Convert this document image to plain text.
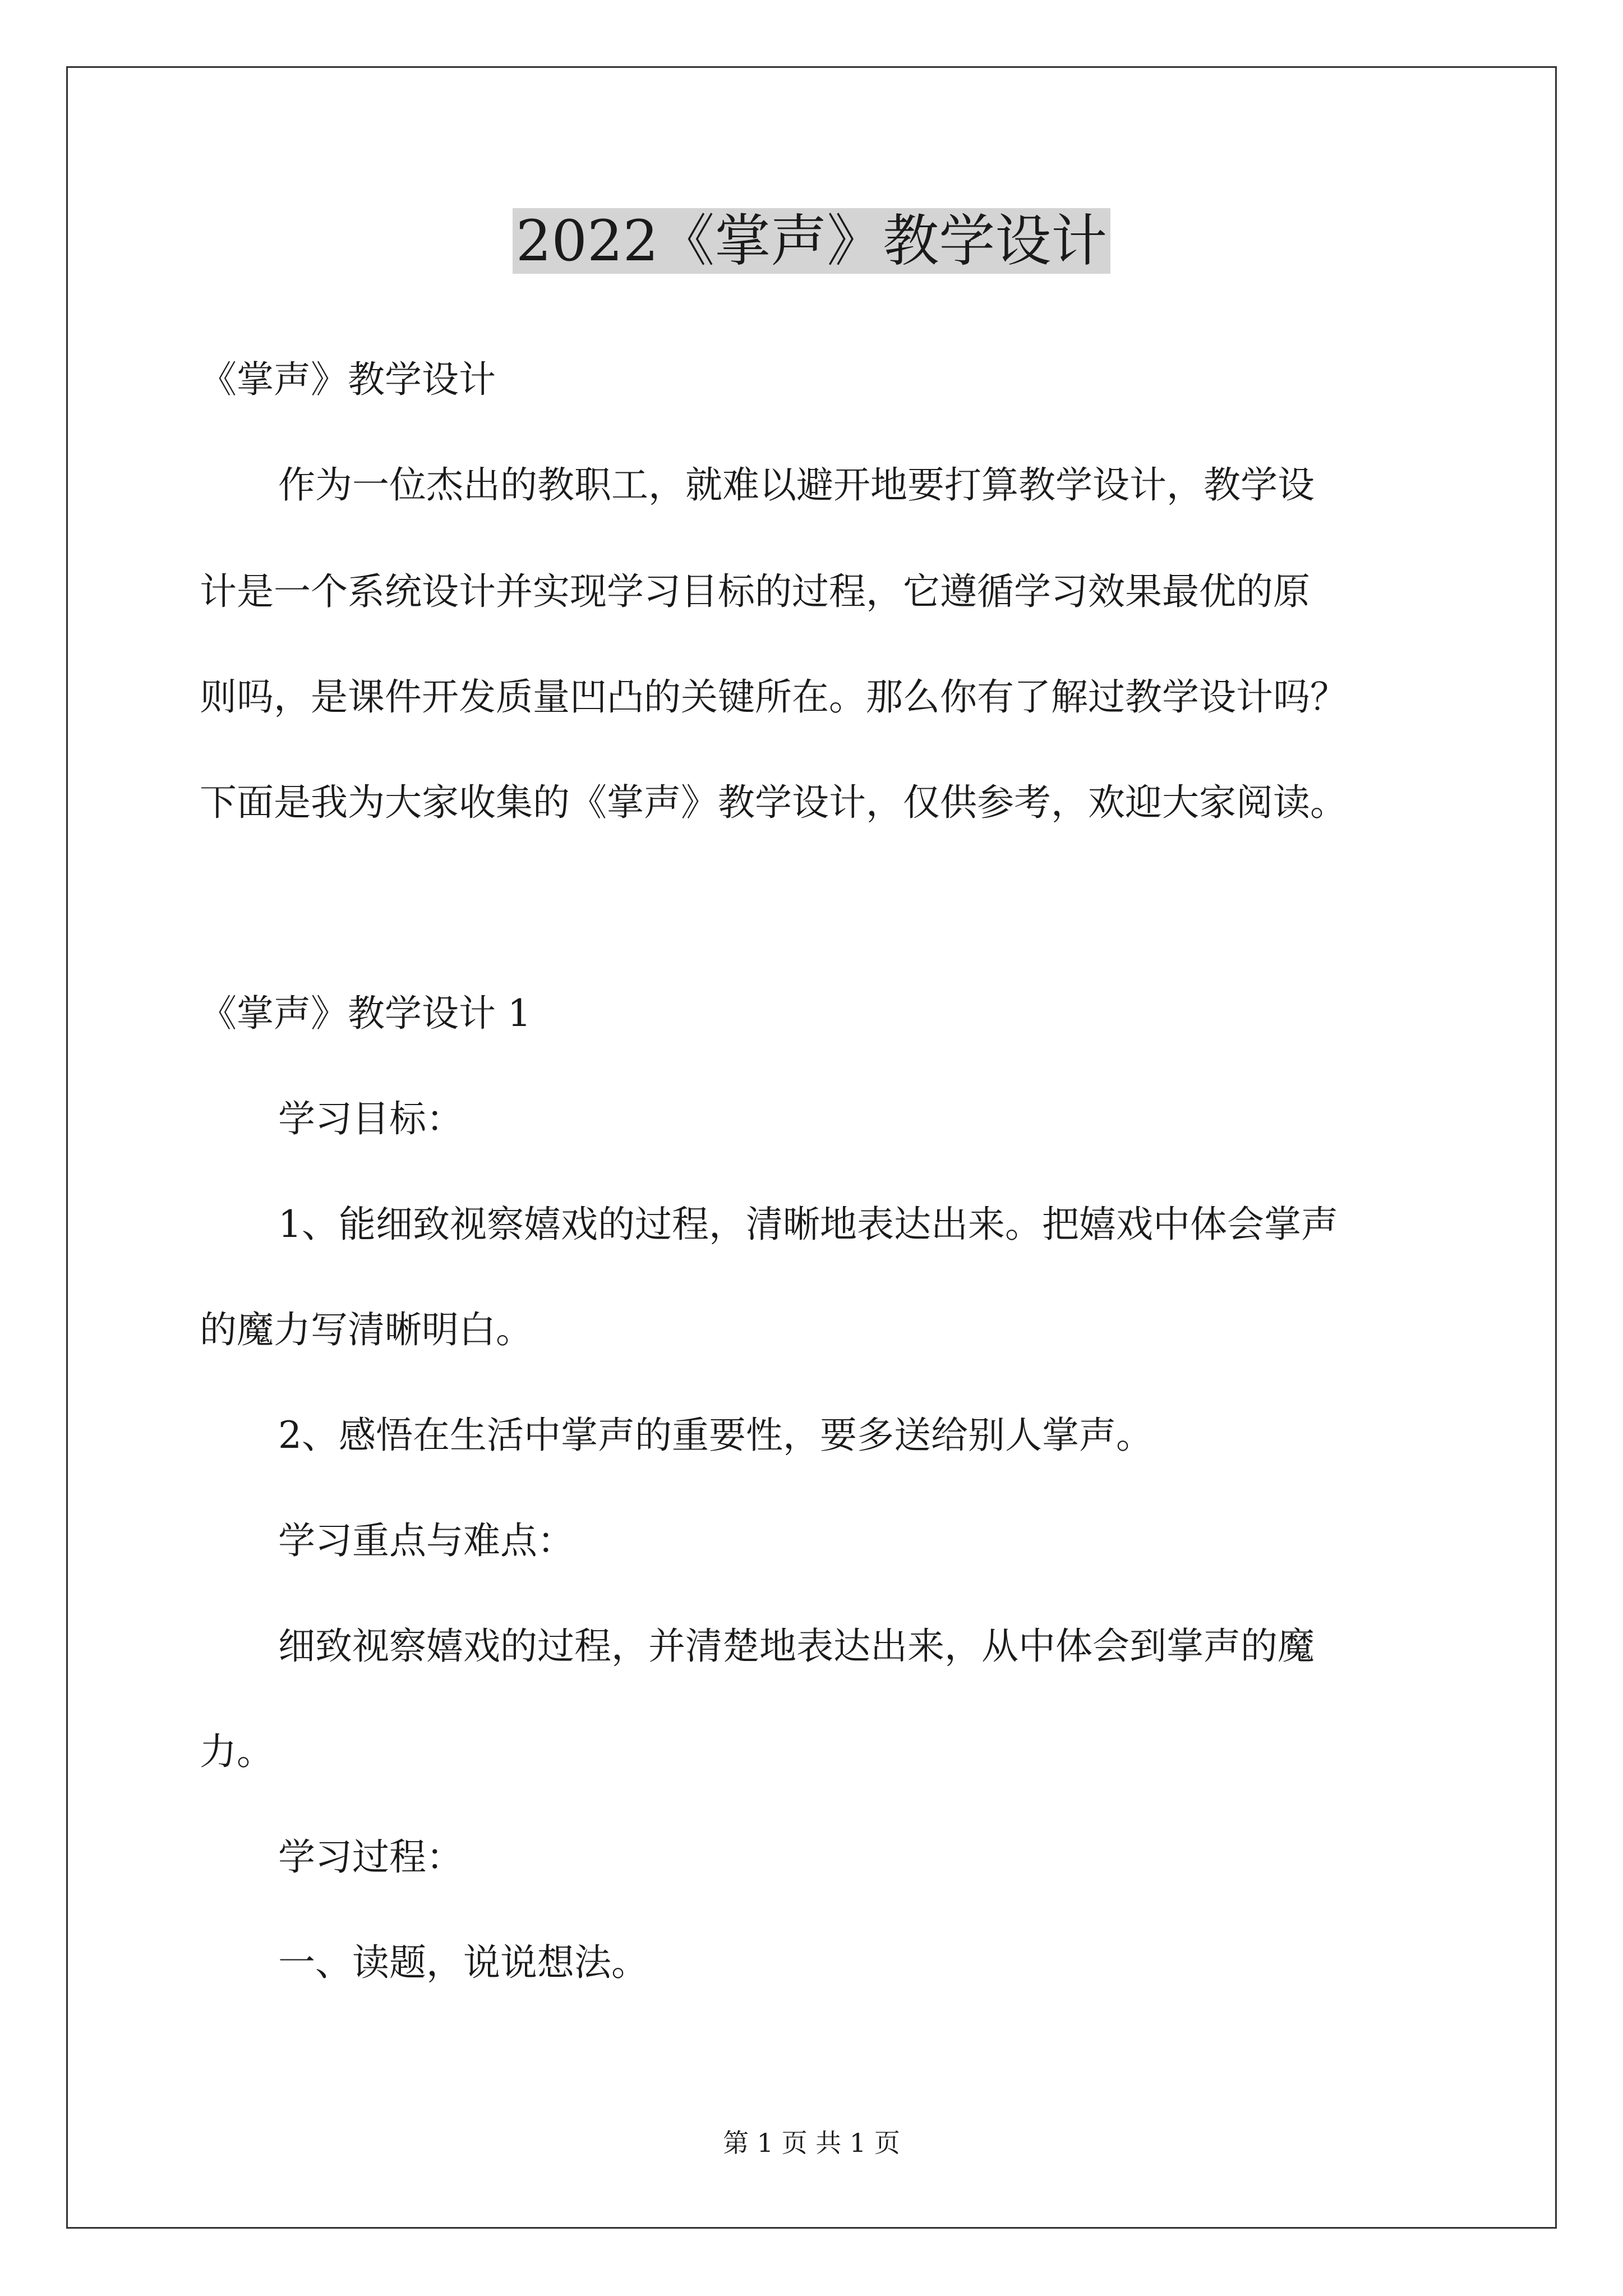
2022《掌声》教学设计

《掌声》教学设计

作为一位杰出的教职工，就难以避开地要打算教学设计，教学设

计是一个系统设计并实现学习目标的过程，它遵循学习效果最优的原

则吗，是课件开发质量凹凸的关键所在。那么你有了解过教学设计吗？

下面是我为大家收集的《掌声》教学设计，仅供参考，欢迎大家阅读。

《掌声》教学设计 1

学习目标：

1、能细致视察嬉戏的过程，清晰地表达出来。把嬉戏中体会掌声

的魔力写清晰明白。

2、感悟在生活中掌声的重要性，要多送给别人掌声。

学习重点与难点：

细致视察嬉戏的过程，并清楚地表达出来，从中体会到掌声的魔

力。

学习过程：

一、读题，说说想法。

第 1 页 共 1 页
